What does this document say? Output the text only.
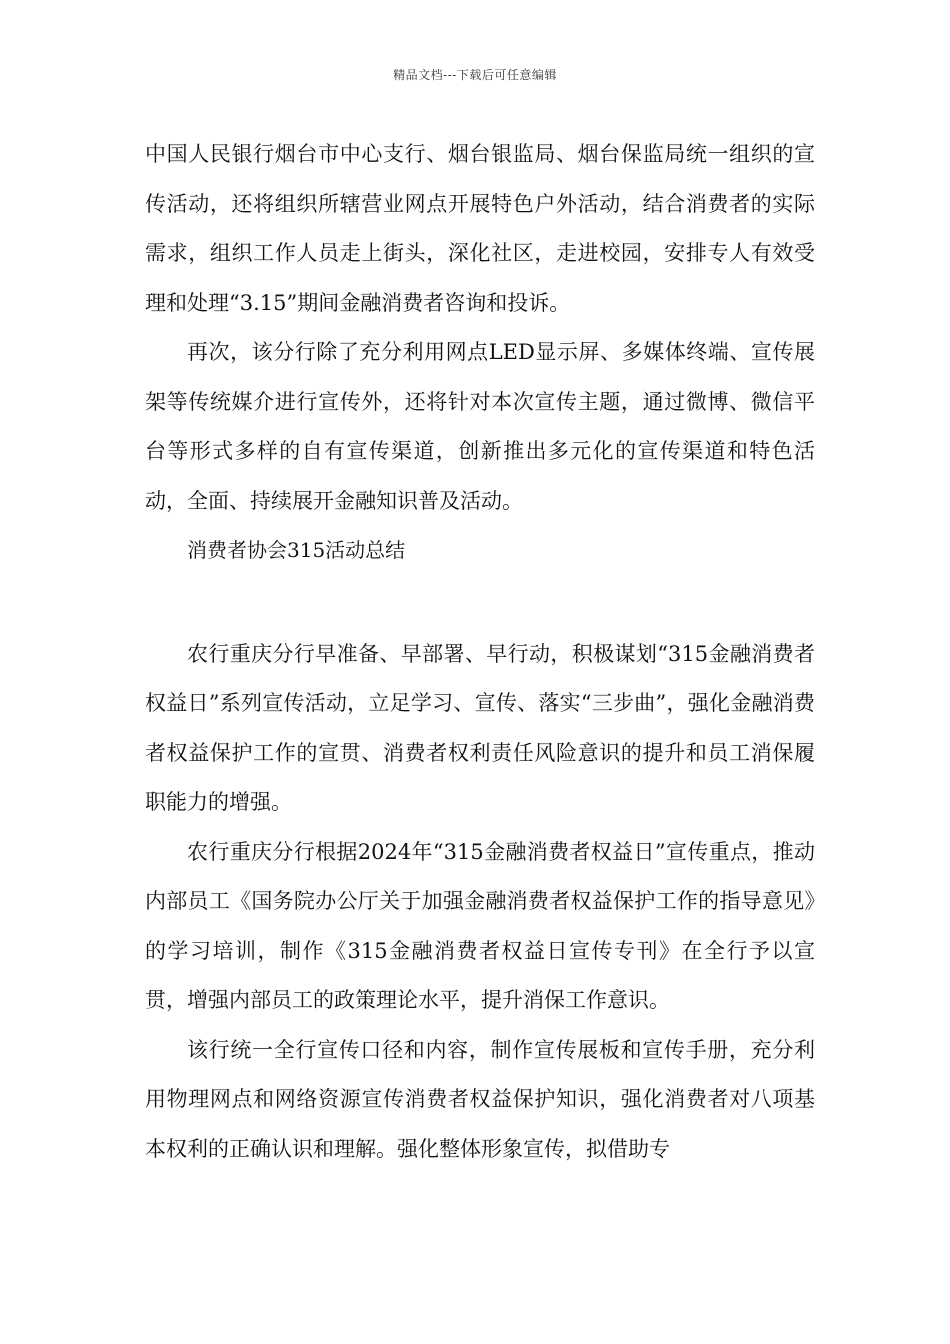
精品文档---下载后可任意编辑

中国人民银行烟台市中心支行、烟台银监局、烟台保监局统一组织的宣传活动，还将组织所辖营业网点开展特色户外活动，结合消费者的实际需求，组织工作人员走上街头，深化社区，走进校园，安排专人有效受理和处理“3.15”期间金融消费者咨询和投诉。

再次，该分行除了充分利用网点LED显示屏、多媒体终端、宣传展架等传统媒介进行宣传外，还将针对本次宣传主题，通过微博、微信平台等形式多样的自有宣传渠道，创新推出多元化的宣传渠道和特色活动，全面、持续展开金融知识普及活动。

消费者协会315活动总结

农行重庆分行早准备、早部署、早行动，积极谋划“315金融消费者权益日”系列宣传活动，立足学习、宣传、落实“三步曲”，强化金融消费者权益保护工作的宣贯、消费者权利责任风险意识的提升和员工消保履职能力的增强。

农行重庆分行根据2024年“315金融消费者权益日”宣传重点，推动内部员工《国务院办公厅关于加强金融消费者权益保护工作的指导意见》的学习培训，制作《315金融消费者权益日宣传专刊》在全行予以宣贯，增强内部员工的政策理论水平，提升消保工作意识。

该行统一全行宣传口径和内容，制作宣传展板和宣传手册，充分利用物理网点和网络资源宣传消费者权益保护知识，强化消费者对八项基本权利的正确认识和理解。强化整体形象宣传，拟借助专
